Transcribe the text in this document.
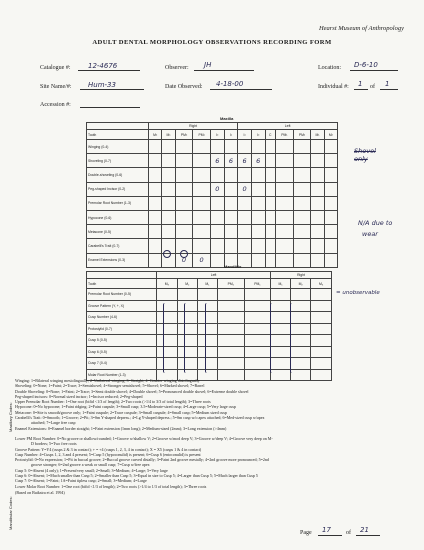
Hearst Museum of Anthropology
ADULT DENTAL MORPHOLOGY OBSERVATIONS RECORDING FORM
Catalogue #:	12-4676	Observer: JH	Location: D-6-10
Site Name/#: Hum-33	Date Observed: 4-18-00	Individual #: 1 of 1
Accession #:
Maxilla
	Right						Left						
Tooth	M²	M¹	PM²	PM¹	I²	I¹	I¹	I²	C	PM¹	PM²	M¹	M²
Winging (0-4)													
Shoveling (0-7)					6	6	6	6					
Double-shoveling (0-6)													
Peg-shaped Incisor (0-2)					0		0						
Premolar Root Number (1-3)													
Hypocone (0-6)													
Metacone (0-5)													
Carabelli's Trait (0-7)													
Enamel Extensions (0-3)			0	0									
Mandible
	Left					Right		
Tooth	M₃	M₂	M₁	PM₂	PM₁	M₁	M₂	M₃
Premolar Root Number (0-5)								
Groove Pattern (Y, +, X)								
Cusp Number (4-6)								
Protostylid (0-7)								
Cusp 5 (0-5)								
Cusp 6 (0-5)								
Cusp 7 (0-4)								
Molar Root Number (1-3)								
Shovel only
N/A due to
wear
= unobservable
Maxillary Codes:
Mandibular Codes:

Winging: 1=Bilateral winging mesiolingually; 2=Unilateral winging; 3=Straight; 4=Counter winging distolingually

Shoveling: 0=None; 1=Faint; 2=Trace; 3=Semishovel; 4=Stronger semishovel; 5=Shovel; 6=Marked shovel; 7=Barrel

Double Shoveling: 0=None; 1=Faint; 2=Trace; 3=Semi double shovel; 4=Double shovel; 5=Pronounced double shovel; 6=Extreme double shovel

Peg-shaped incisors: 0=Normal sized incisor; 1=Incisor reduced; 2=Peg-shaped

Upper Premolar Root Number: 1=One root (bifid <1/3 of length); 2=Two roots (>1/4 to 3/3 of total length); 3=Three roots

Hypocone: 0=No hypocone; 1=Faint ridging; 2=Faint cuspule; 3=Small cusp; 3.5=Moderate-sized cusp; 4=Large cusp; 5=Very large cusp

Metacone: 0=Site is smooth/groove only; 1=Faint cuspule; 2=Trace cuspule; 3=Small cuspule; 4=Small cusp; 5=Medium sized cusp

Carabelli's Trait: 0=Smooth; 1=Groove; 2=Pit; 3=Sm Y-shaped depress.; 4=Lg Y-shaped depress.; 5=Sm cusp w/o apex attached; 6=Med-sized cusp w/apex

attached; 7=Large free cusp

Enamel Extensions: 0=Enamel border straight; 1=Faint extension (1mm long); 2=Medium-sized (2mm); 3=Long extension (>4mm)

Lower PM Root Number: 0=No groove or shallow/rounded; 1=Groove w/shallow V; 2=Groove w/mod deep V; 3=Groove w/deep V; 4=Groove very deep on M-

D borders; 5=Two free roots

Groove Pattern: Y=Y4 (cusps 2 & 3 in contact); + = +4 (cusps 1, 2, 3, 4 in contact); X = X5 (cusps 1 & 4 in contact)

Cusp Number: 4=Cusps 1, 2, 3 and 4 present; 5=Cusp 5 (hypoconulid) is present; 6=Cusp 6 (entoconulid) is present

Protostylid: 0=No expression; 1=Pit in buccal groove; 2=Buccal groove curved distally; 3=Faint 2nd groove mesially; 4=2nd groove more pronounced; 5=2nd

groove stronger; 6=2nd groove a weak or small cusp; 7=Cusp w/free apex

Cusp 5: 0=Absent (4 only); 1=Present/very small; 2=Small; 3=Medium; 4=Large; 5=Very large

Cusp 6: 0=Absent; 1=Much smaller than Cusp 5; 2=Smaller than Cusp 5; 3=Equal in size to Cusp 5; 4=Larger than Cusp 5; 5=Much larger than Cusp 5

Cusp 7: 0=Absent; 1=Faint; 1A=Faint tipless cusp; 2=Small; 3=Medium; 4=Large

Lower Molar Root Number: 1=One root (bifid <1/3 of length); 2=Two roots (>1/4 to 1/3 of total length); 3=Three roots

(Based on Buikstra et al. 1994)

Page 17	of 21
